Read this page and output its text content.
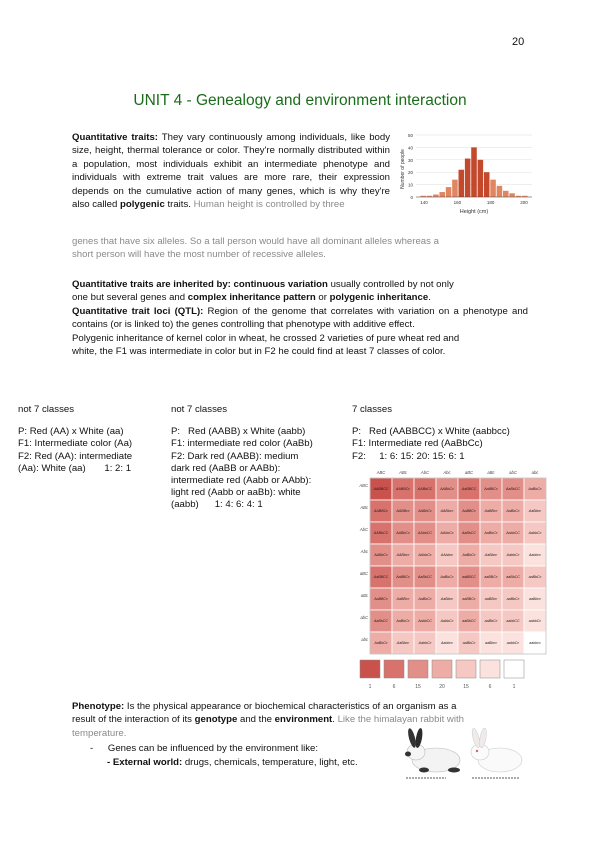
20
UNIT 4 - Genealogy and environment interaction
Quantitative traits: They vary continuously among individuals, like body size, height, thermal tolerance or color. They're normally distributed within a population, most individuals exhibit an intermediate phenotype and individuals with extreme trait values are more rare, their expression depends on the cumulative action of many genes, which is why they're also called polygenic traits. Human height is controlled by three
genes that have six alleles. So a tall person would have all dominant alleles whereas a
short person will have the most number of recessive alleles.
Number of people
50
40
30
20
10
0
140	160	180	200
Height (cm)
Quantitative traits are inherited by: continuous variation usually controlled by not only
one but several genes and complex inheritance pattern or polygenic inheritance.
Quantitative trait loci (QTL): Region of the genome that correlates with variation on a phenotype and contains (or is linked to) the genes controlling that phenotype with additive effect.
Polygenic inheritance of kernel color in wheat, he crossed 2 varieties of pure wheat red and
white, the F1 was intermediate in color but in F2 he could find at least 7 classes of color.
not 7 classes
P: Red (AA) x White (aa)
F1: Intermediate color (Aa)
F2: Red (AA): intermediate
(Aa): White (aa)       1: 2: 1
not 7 classes
P:   Red (AABB) x White (aabb)
F1: intermediate red color (AaBb)
F2: Dark red (AABB): medium
dark red (AaBB or AABb):
intermediate red (Aabb or AAbb):
light red (Aabb or aaBb): white
(aabb)      1: 4: 6: 4: 1
7 classes
P:   Red (AABBCC) x White (aabbcc)
F1: Intermediate red (AaBbCc)
F2:     1: 6: 15: 20: 15: 6: 1
ABC
ABC
ABc
ABc
AbC
AbC
Abc
Abc
aBC
aBC
aBc
aBc
abC
abC
abc
abc
AABBCC AABBCc AABbCC AABbCc AaBBCC AaBBCc AaBbCC AaBbCc
AABBCc AABBcc AABbCc AABbcc AaBBCc AaBBcc	AaBbCc	AaBbcc
AABbCC AABbCc AAbbCC AAbbCc AaBbCC AaBbCc AabbCC AabbCc
AABbCc AABbcc	AAbbCc	AAbbcc	AaBbCc	AaBbcc	AabbCc	Aabbcc
AaBBCC AaBBCc AaBbCC AaBbCc aaBBCC aaBBCc aaBbCC aaBbCc
AaBBCc AaBBcc	AaBbCc	AaBbcc	aaBBCc	aaBBcc	aaBbCc	aaBbcc
AaBbCC AaBbCc AabbCC AabbCc aaBbCC aaBbCc	aabbCC	aabbCc
AaBbCc	AaBbcc	AabbCc	Aabbcc	aaBbCc	aaBbcc	aabbCc	aabbcc
1	6	15	20	15	6	1
Phenotype: Is the physical appearance or biochemical characteristics of an organism as a
result of the interaction of its genotype and the environment. Like the himalayan rabbit with
temperature.
- Genes can be influenced by the environment like:
- External world: drugs, chemicals, temperature, light, etc.
